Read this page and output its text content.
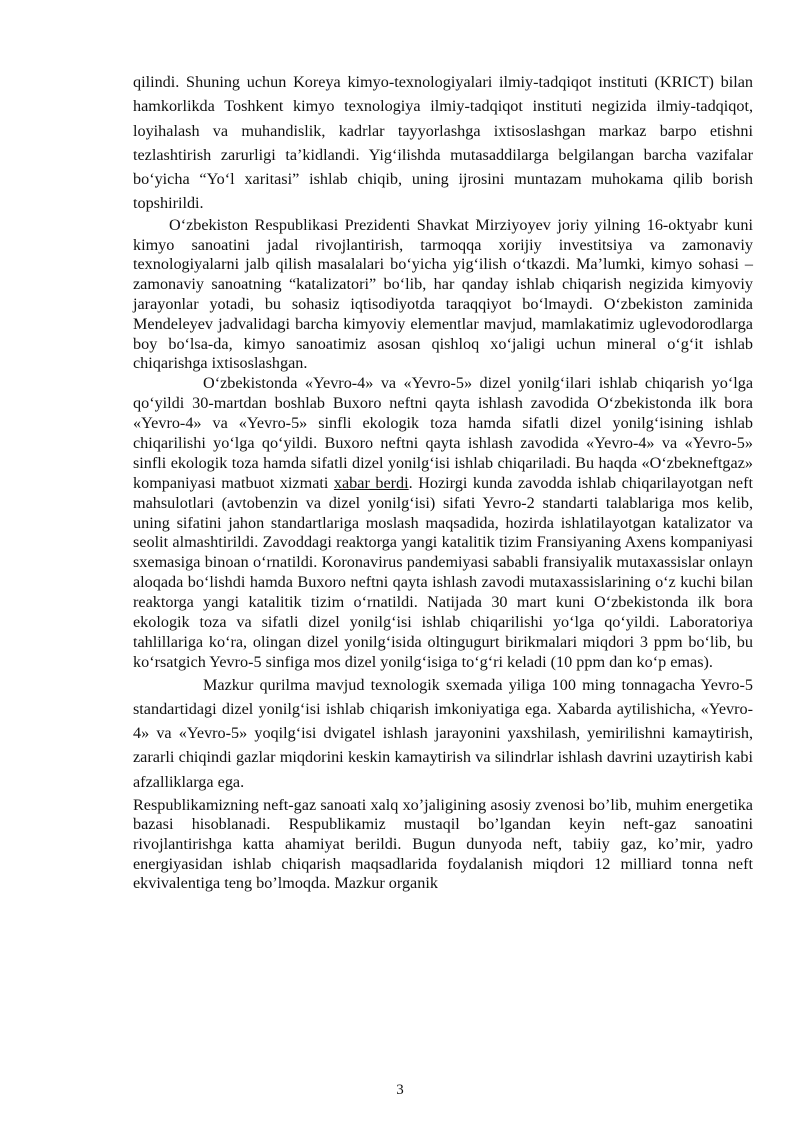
qilindi. Shuning uchun Koreya kimyo-texnologiyalari ilmiy-tadqiqot instituti (KRICT) bilan hamkorlikda Toshkent kimyo texnologiya ilmiy-tadqiqot instituti negizida ilmiy-tadqiqot, loyihalash va muhandislik, kadrlar tayyorlashga ixtisoslashgan markaz barpo etishni tezlashtirish zarurligi ta’kidlandi. Yig‘ilishda mutasaddilarga belgilangan barcha vazifalar bo‘yicha “Yo‘l xaritasi” ishlab chiqib, uning ijrosini muntazam muhokama qilib borish topshirildi.

O‘zbekiston Respublikasi Prezidenti Shavkat Mirziyoyev joriy yilning 16-oktyabr kuni kimyo sanoatini jadal rivojlantirish, tarmoqqa xorijiy investitsiya va zamonaviy texnologiyalarni jalb qilish masalalari bo‘yicha yig‘ilish o‘tkazdi. Ma’lumki, kimyo sohasi – zamonaviy sanoatning “katalizatori” bo‘lib, har qanday ishlab chiqarish negizida kimyoviy jarayonlar yotadi, bu sohasiz iqtisodiyotda taraqqiyot bo‘lmaydi. O‘zbekiston zaminida Mendeleyev jadvalidagi barcha kimyoviy elementlar mavjud, mamlakatimiz uglevodorodlarga boy bo‘lsa-da, kimyo sanoatimiz asosan qishloq xo‘jaligi uchun mineral o‘g‘it ishlab chiqarishga ixtisoslashgan.

O‘zbekistonda «Yevro-4» va «Yevro-5» dizel yonilg‘ilari ishlab chiqarish yo‘lga qo‘yildi 30-martdan boshlab Buxoro neftni qayta ishlash zavodida O‘zbekistonda ilk bora «Yevro-4» va «Yevro-5» sinfli ekologik toza hamda sifatli dizel yonilg‘isining ishlab chiqarilishi yo‘lga qo‘yildi. Buxoro neftni qayta ishlash zavodida «Yevro-4» va «Yevro-5» sinfli ekologik toza hamda sifatli dizel yonilg‘isi ishlab chiqariladi. Bu haqda «O‘zbekneftgaz» kompaniyasi matbuot xizmati xabar berdi. Hozirgi kunda zavodda ishlab chiqarilayotgan neft mahsulotlari (avtobenzin va dizel yonilg‘isi) sifati Yevro-2 standarti talablariga mos kelib, uning sifatini jahon standartlariga moslash maqsadida, hozirda ishlatilayotgan katalizator va seolit almashtirildi. Zavoddagi reaktorga yangi katalitik tizim Fransiyaning Axens kompaniyasi sxemasiga binoan o‘rnatildi. Koronavirus pandemiyasi sababli fransiyalik mutaxassislar onlayn aloqada bo‘lishdi hamda Buxoro neftni qayta ishlash zavodi mutaxassislarining o‘z kuchi bilan reaktorga yangi katalitik tizim o‘rnatildi. Natijada 30 mart kuni O‘zbekistonda ilk bora ekologik toza va sifatli dizel yonilg‘isi ishlab chiqarilishi yo‘lga qo‘yildi. Laboratoriya tahlillariga ko‘ra, olingan dizel yonilg‘isida oltingugurt birikmalari miqdori 3 ppm bo‘lib, bu ko‘rsatgich Yevro-5 sinfiga mos dizel yonilg‘isiga to‘g‘ri keladi (10 ppm dan ko‘p emas).

Mazkur qurilma mavjud texnologik sxemada yiliga 100 ming tonnagacha Yevro-5 standartidagi dizel yonilg‘isi ishlab chiqarish imkoniyatiga ega. Xabarda aytilishicha, «Yevro-4» va «Yevro-5» yoqilg‘isi dvigatel ishlash jarayonini yaxshilash, yemirilishni kamaytirish, zararli chiqindi gazlar miqdorini keskin kamaytirish va silindrlar ishlash davrini uzaytirish kabi afzalliklarga ega.

Respublikamizning neft-gaz sanoati xalq xo’jaligining asosiy zvenosi bo’lib, muhim energetika bazasi hisoblanadi. Respublikamiz mustaqil bo’lgandan keyin neft-gaz sanoatini rivojlantirishga katta ahamiyat berildi. Bugun dunyoda neft, tabiiy gaz, ko’mir, yadro energiyasidan ishlab chiqarish maqsadlarida foydalanish miqdori 12 milliard tonna neft ekvivalentiga teng bo’lmoqda. Mazkur organik

3
